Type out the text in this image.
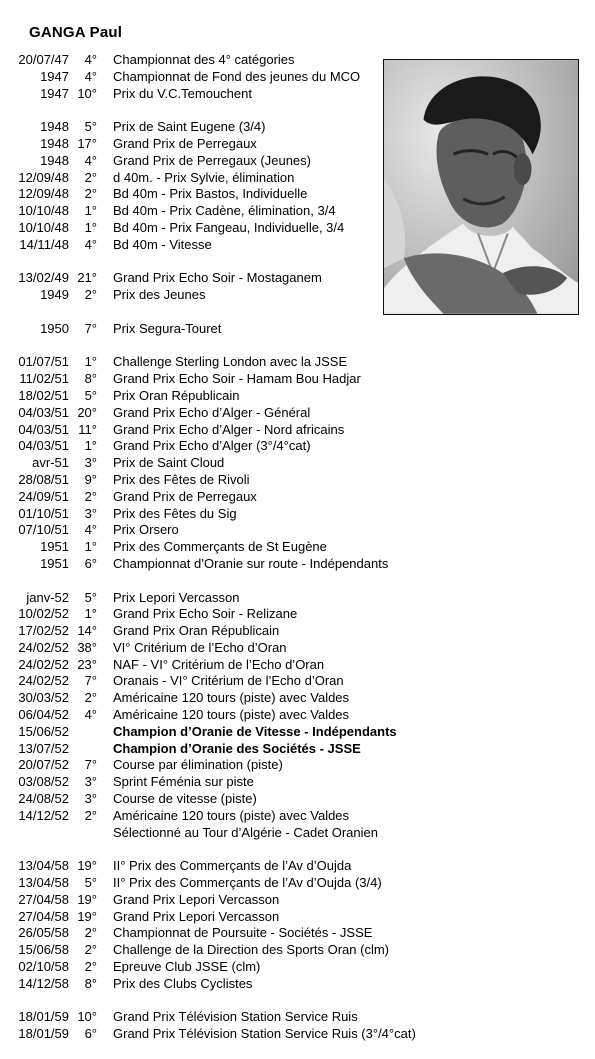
GANGA Paul
20/07/47 4° Championnat des 4° catégories
1947 4° Championnat de Fond des jeunes du MCO
1947 10° Prix du V.C.Temouchent
1948 5° Prix de Saint Eugene (3/4)
1948 17° Grand Prix de Perregaux
1948 4° Grand Prix de Perregaux (Jeunes)
12/09/48 2° d 40m. - Prix Sylvie, élimination
12/09/48 2° Bd 40m - Prix Bastos, Individuelle
10/10/48 1° Bd 40m - Prix Cadène, élimination, 3/4
10/10/48 1° Bd 40m - Prix Fangeau, Individuelle, 3/4
14/11/48 4° Bd 40m - Vitesse
13/02/49 21° Grand Prix Echo Soir - Mostaganem
1949 2° Prix des Jeunes
1950 7° Prix Segura-Touret
01/07/51 1° Challenge Sterling London avec la JSSE
11/02/51 8° Grand Prix Echo Soir - Hamam Bou Hadjar
18/02/51 5° Prix Oran Républicain
04/03/51 20° Grand Prix Echo d’Alger - Général
04/03/51 11° Grand Prix Echo d’Alger - Nord africains
04/03/51 1° Grand Prix Echo d’Alger (3°/4°cat)
avr-51 3° Prix de Saint Cloud
28/08/51 9° Prix des Fêtes de Rivoli
24/09/51 2° Grand Prix de Perregaux
01/10/51 3° Prix des Fêtes du Sig
07/10/51 4° Prix Orsero
1951 1° Prix des Commerçants de St Eugène
1951 6° Championnat d’Oranie sur route - Indépendants
janv-52 5° Prix Lepori Vercasson
10/02/52 1° Grand Prix Echo Soir - Relizane
17/02/52 14° Grand Prix Oran Républicain
24/02/52 38° VI° Critérium de l’Echo d’Oran
24/02/52 23° NAF - VI° Critérium de l’Echo d’Oran
24/02/52 7° Oranais - VI° Critérium de l’Echo d’Oran
30/03/52 2° Américaine 120 tours (piste) avec Valdes
06/04/52 4° Américaine 120 tours (piste) avec Valdes
15/06/52	Champion d’Oranie de Vitesse - Indépendants
13/07/52	Champion d’Oranie des Sociétés - JSSE
20/07/52 7° Course par élimination (piste)
03/08/52 3° Sprint Féménia sur piste
24/08/52 3° Course de vitesse (piste)
14/12/52 2° Américaine 120 tours (piste) avec Valdes
Sélectionné au Tour d’Algérie - Cadet Oranien
13/04/58 19° II° Prix des Commerçants de l’Av d’Oujda
13/04/58 5° II° Prix des Commerçants de l’Av d’Oujda (3/4)
27/04/58 19° Grand Prix Lepori Vercasson
27/04/58 19° Grand Prix Lepori Vercasson
26/05/58 2° Championnat de Poursuite - Sociétés - JSSE
15/06/58 2° Challenge de la Direction des Sports Oran (clm)
02/10/58 2° Epreuve Club JSSE (clm)
14/12/58 8° Prix des Clubs Cyclistes
18/01/59 10° Grand Prix Télévision Station Service Ruis
18/01/59 6° Grand Prix Télévision Station Service Ruis (3°/4°cat)
